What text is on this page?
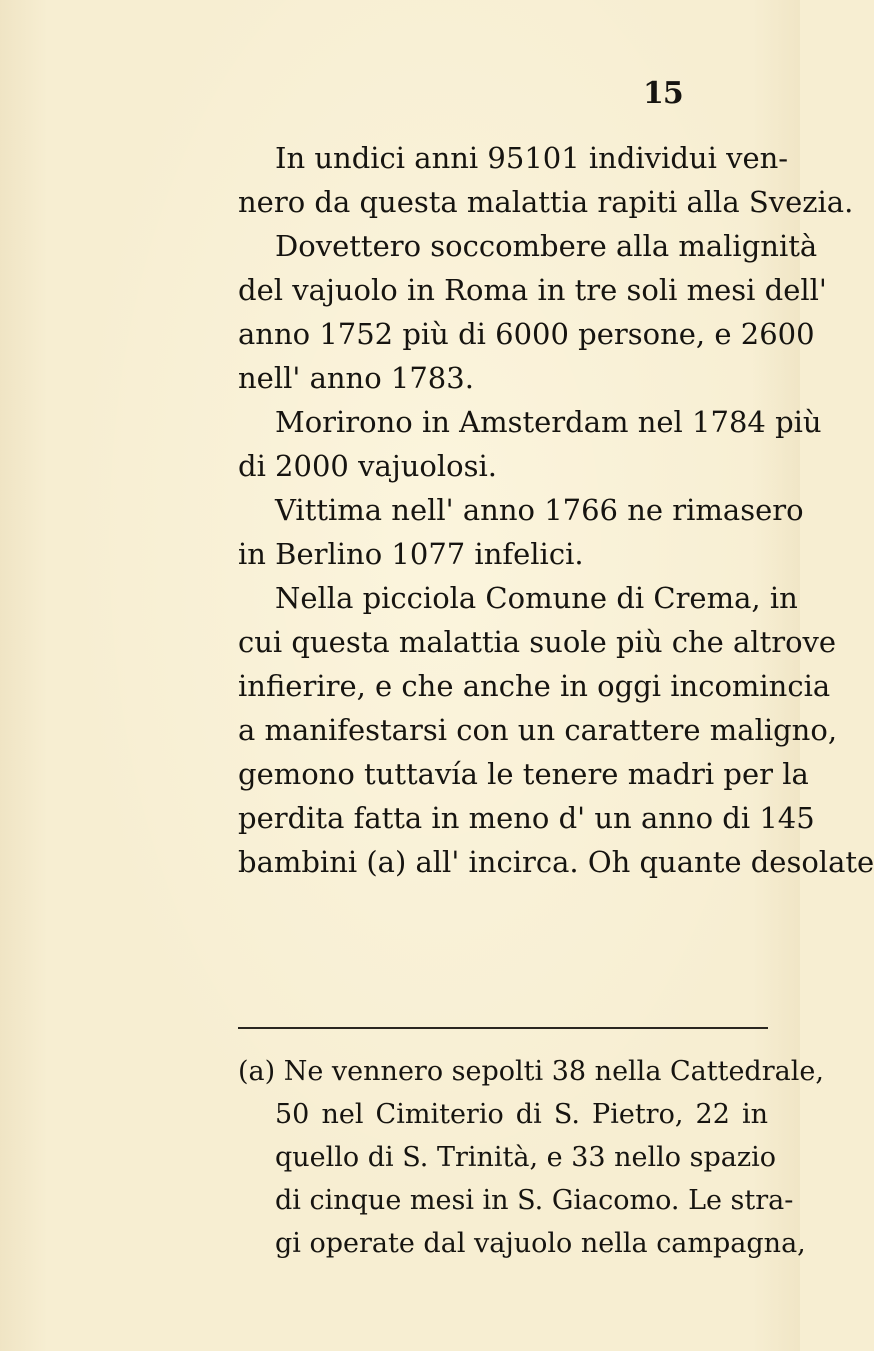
15
In undici anni 95101 individui ven-
nero da questa malattia rapiti alla Svezia.
Dovettero soccombere alla malignità
del vajuolo in Roma in tre soli mesi dell'
anno 1752 più di 6000 persone, e 2600
nell' anno 1783.
Morirono in Amsterdam nel 1784 più
di 2000 vajuolosi.
Vittima nell' anno 1766 ne rimasero
in Berlino 1077 infelici.
Nella picciola Comune di Crema, in
cui questa malattia suole più che altrove
infierire, e che anche in oggi incomincia
a manifestarsi con un carattere maligno,
gemono tuttavía le tenere madri per la
perdita fatta in meno d' un anno di 145
bambini (a) all' incirca. Oh quante desolate
(a) Ne vennero sepolti 38 nella Cattedrale,
50 nel Cimiterio di S. Pietro, 22 in
quello di S. Trinità, e 33 nello spazio
di cinque mesi in S. Giacomo. Le stra-
gi operate dal vajuolo nella campagna,
